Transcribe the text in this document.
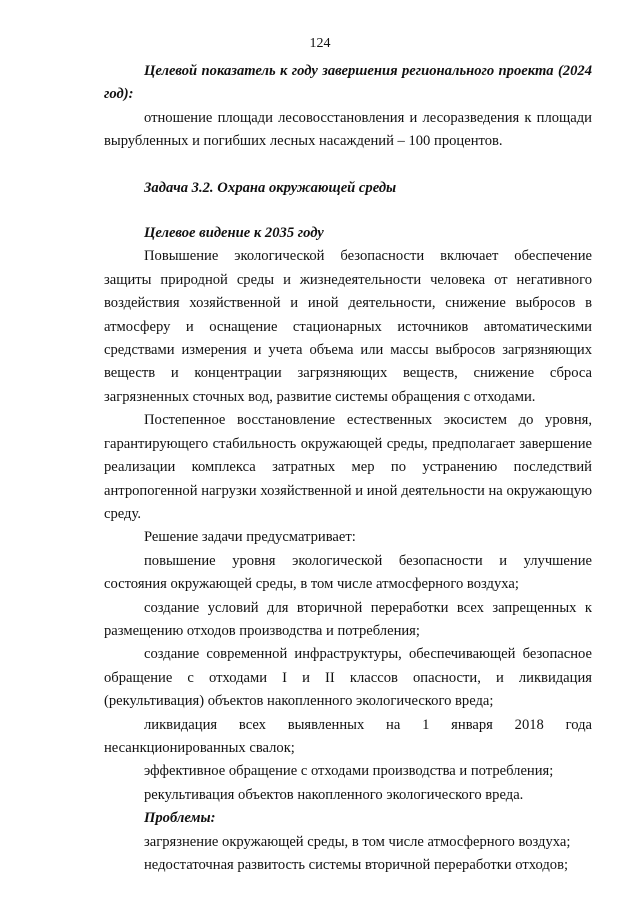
124

Целевой показатель к году завершения регионального проекта (2024 год):

отношение площади лесовосстановления и лесоразведения к площади вырубленных и погибших лесных насаждений – 100 процентов.

Задача 3.2. Охрана окружающей среды

Целевое видение к 2035 году

Повышение экологической безопасности включает обеспечение защиты природной среды и жизнедеятельности человека от негативного воздействия хозяйственной и иной деятельности, снижение выбросов в атмосферу и оснащение стационарных источников автоматическими средствами измерения и учета объема или массы выбросов загрязняющих веществ и концентрации загрязняющих веществ, снижение сброса загрязненных сточных вод, развитие системы обращения с отходами.

Постепенное восстановление естественных экосистем до уровня, гарантирующего стабильность окружающей среды, предполагает завершение реализации комплекса затратных мер по устранению последствий антропогенной нагрузки хозяйственной и иной деятельности на окружающую среду.

Решение задачи предусматривает:

повышение уровня экологической безопасности и улучшение состояния окружающей среды, в том числе атмосферного воздуха;

создание условий для вторичной переработки всех запрещенных к размещению отходов производства и потребления;

создание современной инфраструктуры, обеспечивающей безопасное обращение с отходами I и II классов опасности, и ликвидация (рекультивация) объектов накопленного экологического вреда;

ликвидация всех выявленных на 1 января 2018 года несанкционированных свалок;

эффективное обращение с отходами производства и потребления;

рекультивация объектов накопленного экологического вреда.

Проблемы:

загрязнение окружающей среды, в том числе атмосферного воздуха;

недостаточная развитость системы вторичной переработки отходов;
